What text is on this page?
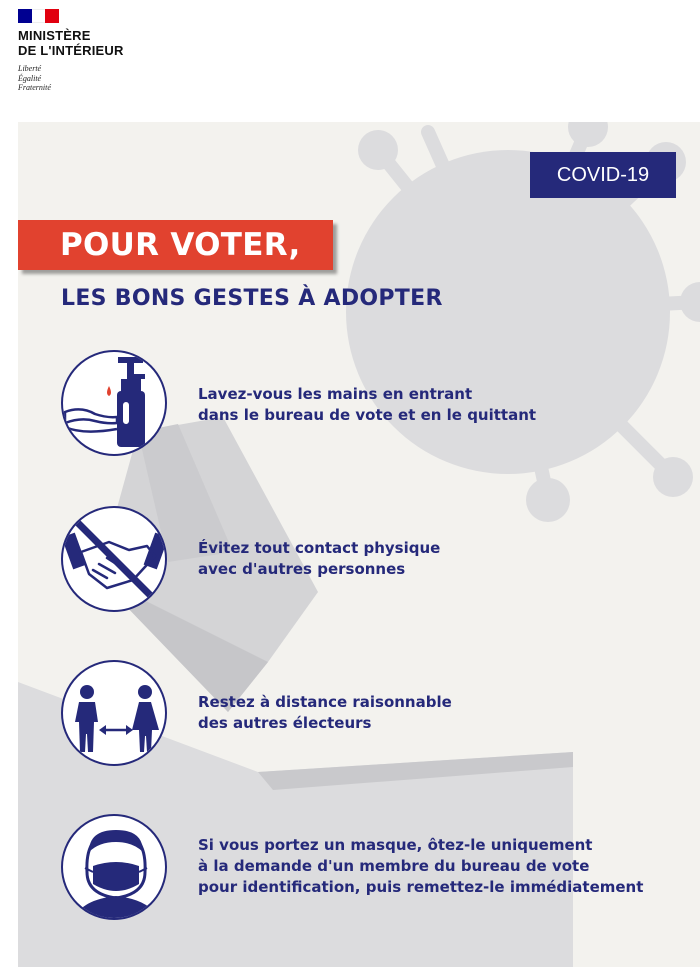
MINISTÈRE
DE L'INTÉRIEUR
Liberté
Égalité
Fraternité
COVID-19
POUR VOTER,
LES BONS GESTES À ADOPTER
Lavez-vous les mains en entrant
dans le bureau de vote et en le quittant
Évitez tout contact physique
avec d'autres personnes
Restez à distance raisonnable
des autres électeurs
Si vous portez un masque, ôtez-le uniquement
à la demande d'un membre du bureau de vote
pour identification, puis remettez-le immédiatement
